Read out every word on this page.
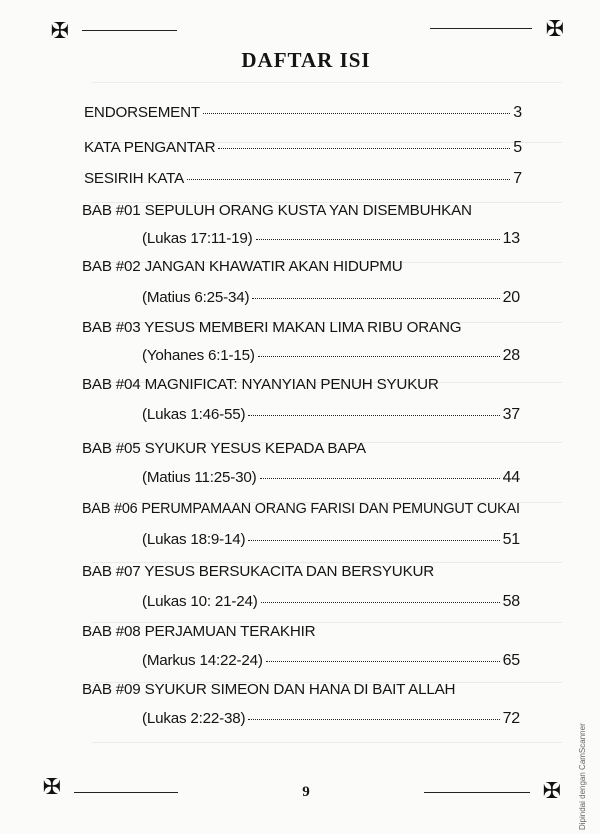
✠	✠
✠	✠
DAFTAR ISI
ENDORSEMENT	3
KATA PENGANTAR	5
SESIRIH KATA	7
BAB #01 SEPULUH ORANG KUSTA YAN DISEMBUHKAN
(Lukas 17:11-19)	13
BAB #02 JANGAN KHAWATIR AKAN HIDUPMU
(Matius 6:25-34)	20
BAB #03 YESUS MEMBERI MAKAN LIMA RIBU ORANG
(Yohanes 6:1-15)	28
BAB #04 MAGNIFICAT: NYANYIAN PENUH SYUKUR
(Lukas 1:46-55)	37
BAB #05 SYUKUR YESUS KEPADA BAPA
(Matius 11:25-30)	44
BAB #06 PERUMPAMAAN ORANG FARISI DAN PEMUNGUT CUKAI
(Lukas 18:9-14)	51
BAB #07 YESUS BERSUKACITA DAN BERSYUKUR
(Lukas 10: 21-24)	58
BAB #08 PERJAMUAN TERAKHIR
(Markus 14:22-24)	65
BAB #09 SYUKUR SIMEON DAN HANA DI BAIT ALLAH
(Lukas 2:22-38)	72
9	Dipindai dengan CamScanner
